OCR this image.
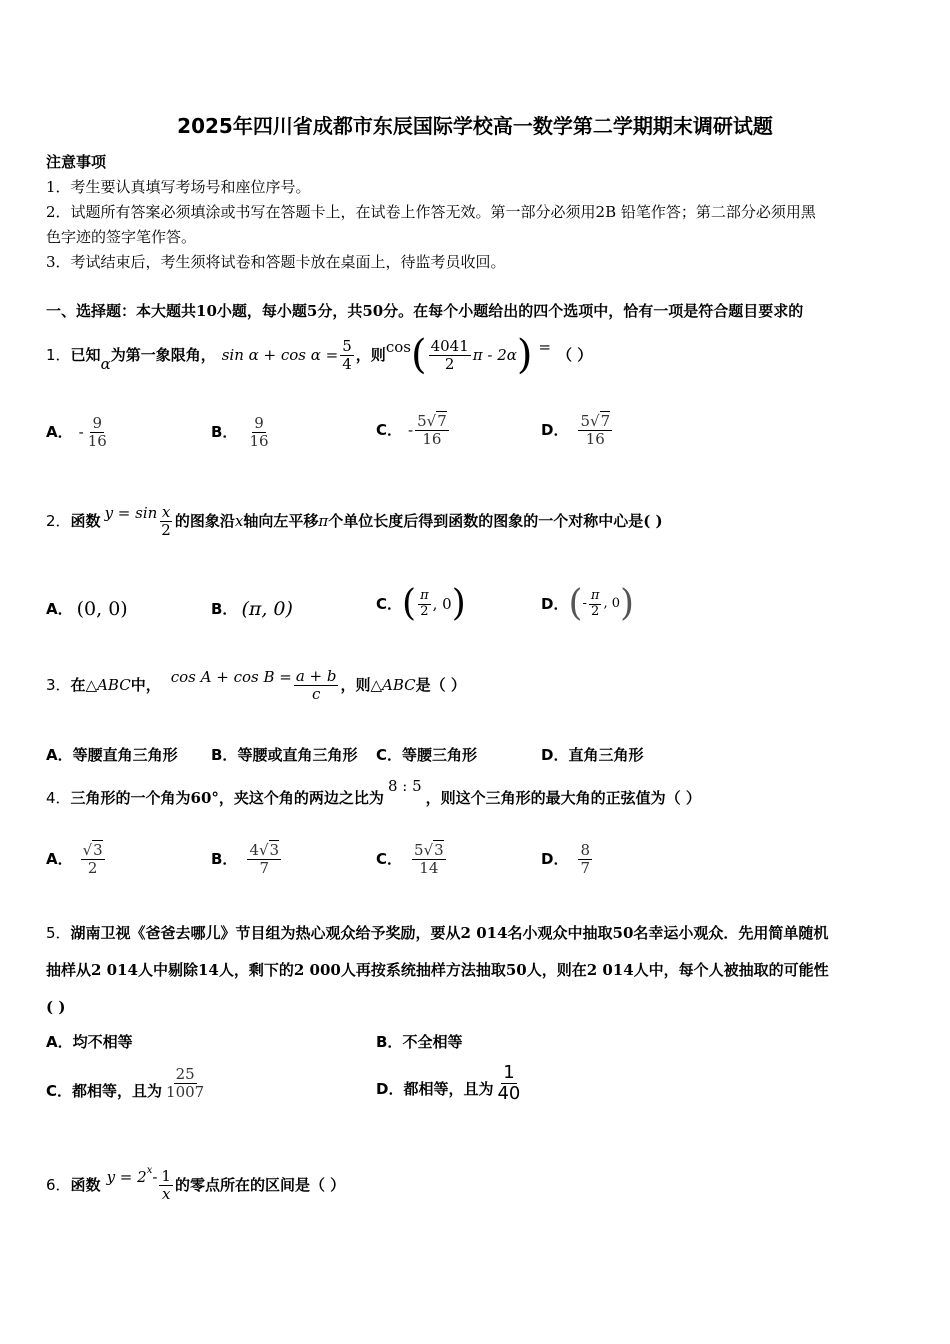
2025年四川省成都市东辰国际学校高一数学第二学期期末调研试题
注意事项
1．考生要认真填写考场号和座位序号。
2．试题所有答案必须填涂或书写在答题卡上，在试卷上作答无效。第一部分必须用2B 铅笔作答；第二部分必须用黑
色字迹的签字笔作答。
3．考试结束后，考生须将试卷和答题卡放在桌面上，待监考员收回。
一、选择题：本大题共10小题，每小题5分，共50分。在每个小题给出的四个选项中，恰有一项是符合题目要求的
1． 已知 α 为第一象限角， $\sin \alpha + \cos \alpha = \frac{5}{4}$ ，则 cos ( $\frac{4041}{2}$ π - 2α ) = （ ）
A． - $\frac{9}{16}$	B． $\frac{9}{16}$	C． - $\frac{5√7}{16}$	D． $\frac{5√7}{16}$
2． 函数 $y = \sin \frac{x}{2}$ 的图象沿 x 轴向左平移 π 个单位长度后得到函数的图象的一个对称中心是( )
A． (0, 0)	B． (π, 0)	C． ( $\frac{\pi}{2}$ , 0 )	D． ( - $\frac{\pi}{2}$ , 0 )
3． 在 △ABC 中， $\cos A + \cos B = \frac{a + b}{c}$ ，则 △ABC 是（ ）
A．等腰直角三角形 B．等腰或直角三角形 C．等腰三角形	D．直角三角形
4． 三角形的一个角为60°，夹这个角的两边之比为
8 : 5
，则这个三角形的最大角的正弦值为（ ）
A． $\frac{√3}{2}$	B． $\frac{4√3}{7}$	C． $\frac{5√3}{14}$	D． $\frac{8}{7}$
5．湖南卫视《爸爸去哪儿》节目组为热心观众给予奖励，要从2 014名小观众中抽取50名幸运小观众．先用简单随机
抽样从2 014人中剔除14人，剩下的2 000人再按系统抽样方法抽取50人，则在2 014人中，每个人被抽取的可能性
( )
A．均不相等	B．不全相等
C． 都相等，且为 $\frac{25}{1007}$	D． 都相等，且为 $\frac{1}{40}$
6． 函数 $y = 2^x - \frac{1}{x}$ 的零点所在的区间是（ ）
